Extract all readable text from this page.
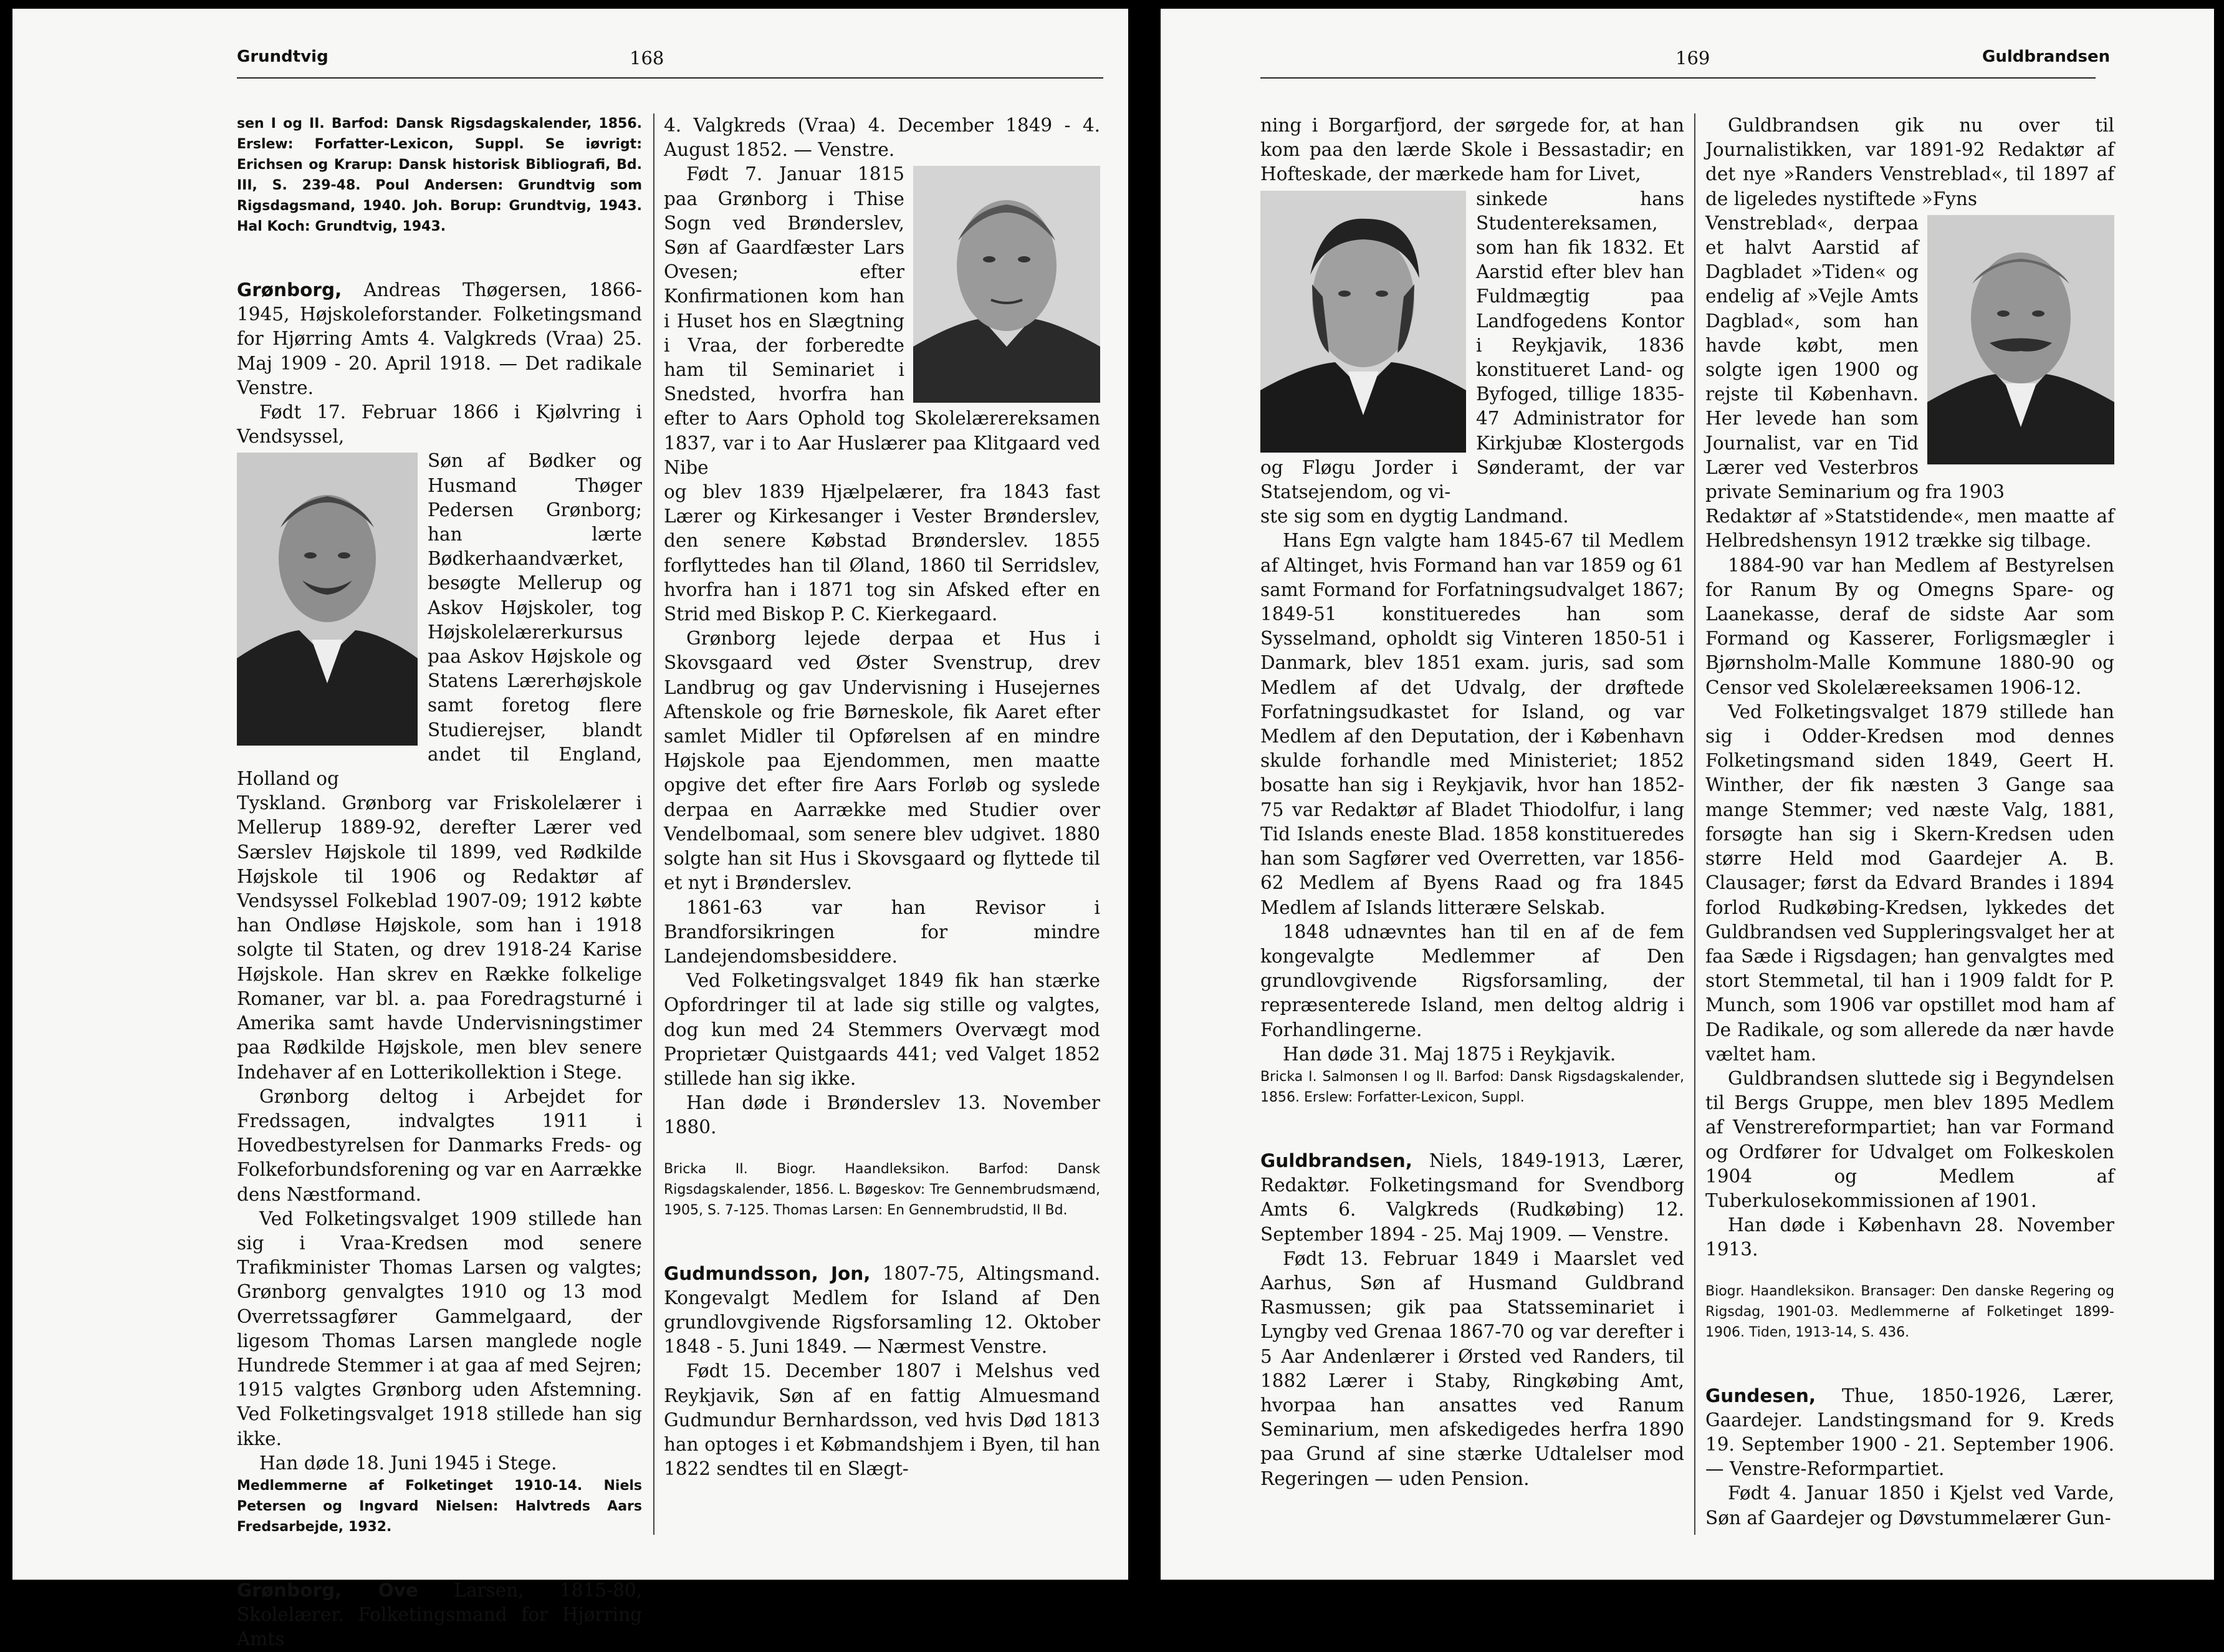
Grundtvig	168

sen I og II. Barfod: Dansk Rigsdagskalender, 1856. Erslew: Forfatter-Lexicon, Suppl. Se iøvrigt: Erichsen og Krarup: Dansk historisk Bibliografi, Bd. III, S. 239-48. Poul Andersen: Grundtvig som Rigsdagsmand, 1940. Joh. Borup: Grundtvig, 1943. Hal Koch: Grundtvig, 1943.

Grønborg, Andreas Thøgersen, 1866-1945, Højskoleforstander. Folketingsmand for Hjørring Amts 4. Valgkreds (Vraa) 25. Maj 1909 - 20. April 1918. — Det radikale Venstre.

Født 17. Februar 1866 i Kjølvring i Vendsyssel,

Søn af Bødker og Husmand Thøger Pedersen Grønborg; han lærte Bødkerhaandværket, besøgte Mellerup og Askov Højskoler, tog Højskolelærerkursus paa Askov Højskole og Statens Lærerhøjskole samt foretog flere Studierejser, blandt andet til England, Holland og

Tyskland. Grønborg var Friskolelærer i Mellerup 1889-92, derefter Lærer ved Særslev Højskole til 1899, ved Rødkilde Højskole til 1906 og Redaktør af Vendsyssel Folkeblad 1907-09; 1912 købte han Ondløse Højskole, som han i 1918 solgte til Staten, og drev 1918-24 Karise Højskole. Han skrev en Række folkelige Romaner, var bl. a. paa Foredragsturné i Amerika samt havde Undervisningstimer paa Rødkilde Højskole, men blev senere Indehaver af en Lotterikollektion i Stege.

Grønborg deltog i Arbejdet for Fredssagen, indvalgtes 1911 i Hovedbestyrelsen for Danmarks Freds- og Folkeforbundsforening og var en Aarrække dens Næstformand.

Ved Folketingsvalget 1909 stillede han sig i Vraa-Kredsen mod senere Trafikminister Thomas Larsen og valgtes; Grønborg genvalgtes 1910 og 13 mod Overretssagfører Gammelgaard, der ligesom Thomas Larsen manglede nogle Hundrede Stemmer i at gaa af med Sejren; 1915 valgtes Grønborg uden Afstemning. Ved Folketingsvalget 1918 stillede han sig ikke.

Han døde 18. Juni 1945 i Stege.

Medlemmerne af Folketinget 1910-14. Niels Petersen og Ingvard Nielsen: Halvtreds Aars Fredsarbejde, 1932.

Grønborg, Ove Larsen, 1815-80, Skolelærer. Folketingsmand for Hjørring Amts

4. Valgkreds (Vraa) 4. December 1849 - 4. August 1852. — Venstre.

Født 7. Januar 1815 paa Grønborg i Thise Sogn ved Brønderslev, Søn af Gaardfæster Lars Ovesen; efter Konfirmationen kom han i Huset hos en Slægtning i Vraa, der forberedte ham til Seminariet i Snedsted, hvorfra han efter to Aars Ophold tog Skolelærereksamen 1837, var i to Aar Huslærer paa Klitgaard ved Nibe

og blev 1839 Hjælpelærer, fra 1843 fast Lærer og Kirkesanger i Vester Brønderslev, den senere Købstad Brønderslev. 1855 forflyttedes han til Øland, 1860 til Serridslev, hvorfra han i 1871 tog sin Afsked efter en Strid med Biskop P. C. Kierkegaard.

Grønborg lejede derpaa et Hus i Skovsgaard ved Øster Svenstrup, drev Landbrug og gav Undervisning i Husejernes Aftenskole og frie Børneskole, fik Aaret efter samlet Midler til Opførelsen af en mindre Højskole paa Ejendommen, men maatte opgive det efter fire Aars Forløb og syslede derpaa en Aarrække med Studier over Vendelbomaal, som senere blev udgivet. 1880 solgte han sit Hus i Skovsgaard og flyttede til et nyt i Brønderslev.

1861-63 var han Revisor i Brandforsikringen for mindre Landejendomsbesiddere.

Ved Folketingsvalget 1849 fik han stærke Opfordringer til at lade sig stille og valgtes, dog kun med 24 Stemmers Overvægt mod Proprietær Quistgaards 441; ved Valget 1852 stillede han sig ikke.

Han døde i Brønderslev 13. November 1880.

Bricka II. Biogr. Haandleksikon. Barfod: Dansk Rigsdagskalender, 1856. L. Bøgeskov: Tre Gennembrudsmænd, 1905, S. 7-125. Thomas Larsen: En Gennembrudstid, II Bd.

Gudmundsson, Jon, 1807-75, Altingsmand. Kongevalgt Medlem for Island af Den grundlovgivende Rigsforsamling 12. Oktober 1848 - 5. Juni 1849. — Nærmest Venstre.

Født 15. December 1807 i Melshus ved Reykjavik, Søn af en fattig Almuesmand Gudmundur Bernhardsson, ved hvis Død 1813 han optoges i et Købmandshjem i Byen, til han 1822 sendtes til en Slægt-

169	Guldbrandsen

ning i Borgarfjord, der sørgede for, at han kom paa den lærde Skole i Bessastadir; en Hofteskade, der mærkede ham for Livet,

sinkede hans Studentereksamen, som han fik 1832. Et Aarstid efter blev han Fuldmægtig paa Landfogedens Kontor i Reykjavik, 1836 konstitueret Land- og Byfoged, tillige 1835-47 Administrator for Kirkjubæ Klostergods og Fløgu Jorder i Sønderamt, der var Statsejendom, og vi-

ste sig som en dygtig Landmand.

Hans Egn valgte ham 1845-67 til Medlem af Altinget, hvis Formand han var 1859 og 61 samt Formand for Forfatningsudvalget 1867; 1849-51 konstitueredes han som Sysselmand, opholdt sig Vinteren 1850-51 i Danmark, blev 1851 exam. juris, sad som Medlem af det Udvalg, der drøftede Forfatningsudkastet for Island, og var Medlem af den Deputation, der i København skulde forhandle med Ministeriet; 1852 bosatte han sig i Reykjavik, hvor han 1852-75 var Redaktør af Bladet Thiodolfur, i lang Tid Islands eneste Blad. 1858 konstitueredes han som Sagfører ved Overretten, var 1856-62 Medlem af Byens Raad og fra 1845 Medlem af Islands litterære Selskab.

1848 udnævntes han til en af de fem kongevalgte Medlemmer af Den grundlovgivende Rigsforsamling, der repræsenterede Island, men deltog aldrig i Forhandlingerne.

Han døde 31. Maj 1875 i Reykjavik.

Bricka I. Salmonsen I og II. Barfod: Dansk Rigsdagskalender, 1856. Erslew: Forfatter-Lexicon, Suppl.

Guldbrandsen, Niels, 1849-1913, Lærer, Redaktør. Folketingsmand for Svendborg Amts 6. Valgkreds (Rudkøbing) 12. September 1894 - 25. Maj 1909. — Venstre.

Født 13. Februar 1849 i Maarslet ved Aarhus, Søn af Husmand Guldbrand Rasmussen; gik paa Statsseminariet i Lyngby ved Grenaa 1867-70 og var derefter i 5 Aar Andenlærer i Ørsted ved Randers, til 1882 Lærer i Staby, Ringkøbing Amt, hvorpaa han ansattes ved Ranum Seminarium, men afskedigedes herfra 1890 paa Grund af sine stærke Udtalelser mod Regeringen — uden Pension.

Guldbrandsen gik nu over til Journalistikken, var 1891-92 Redaktør af det nye »Randers Venstreblad«, til 1897 af de ligeledes nystiftede »Fyns

Venstreblad«, derpaa et halvt Aarstid af Dagbladet »Tiden« og endelig af »Vejle Amts Dagblad«, som han havde købt, men solgte igen 1900 og rejste til København. Her levede han som Journalist, var en Tid Lærer ved Vesterbros private Seminarium og fra 1903

Redaktør af »Statstidende«, men maatte af Helbredshensyn 1912 trække sig tilbage.

1884-90 var han Medlem af Bestyrelsen for Ranum By og Omegns Spare- og Laanekasse, deraf de sidste Aar som Formand og Kasserer, Forligsmægler i Bjørnsholm-Malle Kommune 1880-90 og Censor ved Skolelæreeksamen 1906-12.

Ved Folketingsvalget 1879 stillede han sig i Odder-Kredsen mod dennes Folketingsmand siden 1849, Geert H. Winther, der fik næsten 3 Gange saa mange Stemmer; ved næste Valg, 1881, forsøgte han sig i Skern-Kredsen uden større Held mod Gaardejer A. B. Clausager; først da Edvard Brandes i 1894 forlod Rudkøbing-Kredsen, lykkedes det Guldbrandsen ved Suppleringsvalget her at faa Sæde i Rigsdagen; han genvalgtes med stort Stemmetal, til han i 1909 faldt for P. Munch, som 1906 var opstillet mod ham af De Radikale, og som allerede da nær havde væltet ham.

Guldbrandsen sluttede sig i Begyndelsen til Bergs Gruppe, men blev 1895 Medlem af Venstrereformpartiet; han var Formand og Ordfører for Udvalget om Folkeskolen 1904 og Medlem af Tuberkulosekommissionen af 1901.

Han døde i København 28. November 1913.

Biogr. Haandleksikon. Bransager: Den danske Regering og Rigsdag, 1901-03. Medlemmerne af Folketinget 1899-1906. Tiden, 1913-14, S. 436.

Gundesen, Thue, 1850-1926, Lærer, Gaardejer. Landstingsmand for 9. Kreds 19. September 1900 - 21. September 1906. — Venstre-Reformpartiet.

Født 4. Januar 1850 i Kjelst ved Varde, Søn af Gaardejer og Døvstummelærer Gun-
